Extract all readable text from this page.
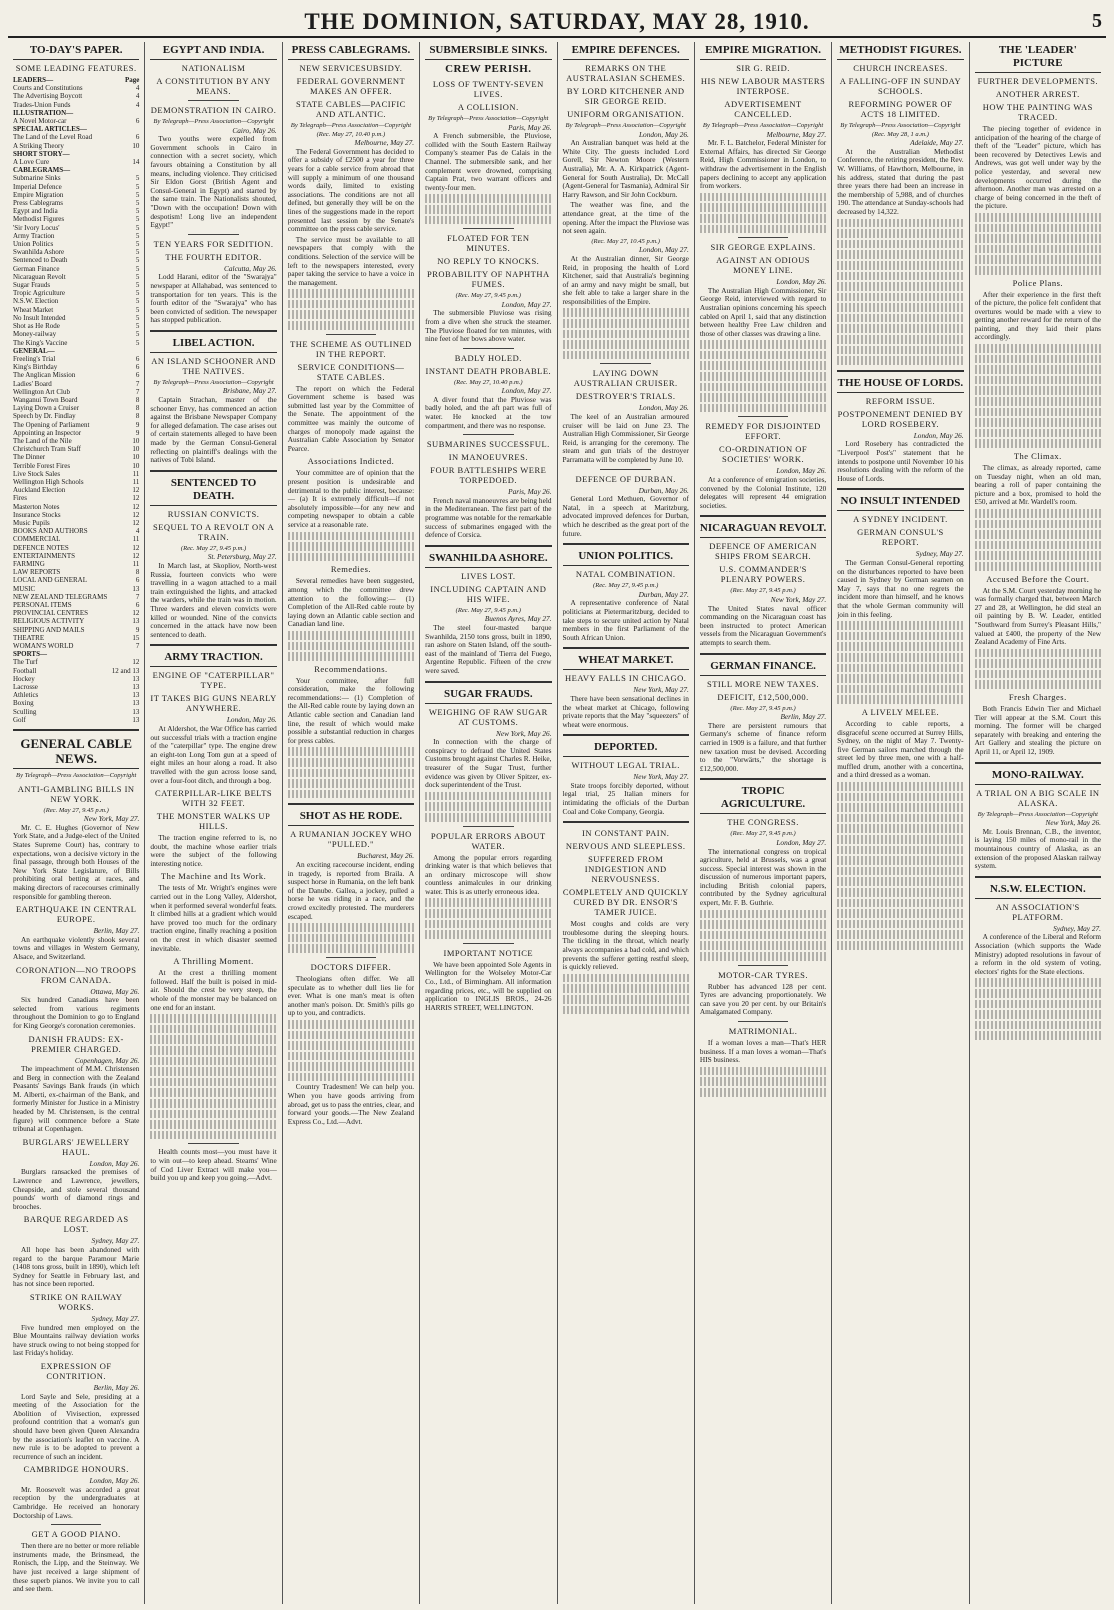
THE DOMINION, SATURDAY, MAY 28, 1910.	5
TO-DAY'S PAPER.
SOME LEADING FEATURES.
LEADERS—	Page
Courts and Constitutions	4
The Advertising Boycott	4
Trades-Union Funds	4
ILLUSTRATION—
A Novel Motor-car	6
SPECIAL ARTICLES—
The Land of the Level Road	6
A Striking Theory	10
SHORT STORY—
A Love Cure	14
CABLEGRAMS—
Submarine Sinks	5
Imperial Defence	5
Empire Migration	5
Press Cablegrams	5
Egypt and India	5
Methodist Figures	5
'Sir Ivory Locus'	5
Army Traction	5
Union Politics	5
Swanhilda Ashore	5
Sentenced to Death	5
German Finance	5
Nicaraguan Revolt	5
Sugar Frauds	5
Tropic Agriculture	5
N.S.W. Election	5
Wheat Market	5
No Insult Intended	5
Shot as He Rode	5
Money-railway	5
The King's Vaccine	5
GENERAL—
Freeling's Trial	6
King's Birthday	6
The Anglican Mission	6
Ladies' Board	7
Wellington Art Club	7
Wanganui Town Board	8
Laying Down a Cruiser	8
Speech by Dr. Findlay	8
The Opening of Parliament	9
Appointing an Inspector	9
The Land of the Nile	10
Christchurch Tram Staff	10
The Dinner	10
Terrible Forest Fires	10
Live Stock Sales	11
Wellington High Schools	11
Auckland Election	12
Fires	12
Masterton Notes	12
Insurance Stocks	12
Music Pupils	12
BOOKS AND AUTHORS	4
COMMERCIAL	11
DEFENCE NOTES	12
ENTERTAINMENTS	12
FARMING	11
LAW REPORTS	8
LOCAL AND GENERAL	6
MUSIC	13
NEW ZEALAND TELEGRAMS	7
PERSONAL ITEMS	6
PROVINCIAL CENTRES	12
RELIGIOUS ACTIVITY	13
SHIPPING AND MAILS	9
THEATRE	15
WOMAN'S WORLD	7
SPORTS—
The Turf	12
Football	12 and 13
Hockey	13
Lacrosse	13
Athletics	13
Boxing	13
Sculling	13
Golf	13
GENERAL CABLE NEWS.
By Telegraph—Press Association—Copyright
ANTI-GAMBLING BILLS IN NEW YORK.
(Rec. May 27, 9.45 p.m.)
New York, May 27.

Mr. C. E. Hughes (Governor of New York State, and a Judge-elect of the United States Supreme Court) has, contrary to expectations, won a decisive victory in the final passage, through both Houses of the New York State Legislature, of Bills prohibiting oral betting at races, and making directors of racecourses criminally responsible for gambling thereon.

EARTHQUAKE IN CENTRAL EUROPE.
Berlin, May 27.

An earthquake violently shook several towns and villages in Western Germany, Alsace, and Switzerland.

CORONATION—NO TROOPS FROM CANADA.
Ottawa, May 26.

Six hundred Canadians have been selected from various regiments throughout the Dominion to go to England for King George's coronation ceremonies.

DANISH FRAUDS: EX-PREMIER CHARGED.
Copenhagen, May 26.

The impeachment of M.M. Christensen and Berg in connection with the Zealand Peasants' Savings Bank frauds (in which M. Alberti, ex-chairman of the Bank, and formerly Minister for Justice in a Ministry headed by M. Christensen, is the central figure) will commence before a State tribunal at Copenhagen.

BURGLARS' JEWELLERY HAUL.
London, May 26.

Burglars ransacked the premises of Lawrence and Lawrence, jewellers, Cheapside, and stole several thousand pounds' worth of diamond rings and brooches.

BARQUE REGARDED AS LOST.
Sydney, May 27.

All hope has been abandoned with regard to the barque Paramour Marie (1408 tons gross, built in 1890), which left Sydney for Seattle in February last, and has not since been reported.

STRIKE ON RAILWAY WORKS.
Sydney, May 27.

Five hundred men employed on the Blue Mountains railway deviation works have struck owing to not being stopped for last Friday's holiday.

EXPRESSION OF CONTRITION.
Berlin, May 26.

Lord Sayle and Sele, presiding at a meeting of the Association for the Abolition of Vivisection, expressed profound contrition that a woman's gun should have been given Queen Alexandra by the association's leaflet on vaccine. A new rule is to be adopted to prevent a recurrence of such an incident.

CAMBRIDGE HONOURS.
London, May 26.

Mr. Roosevelt was accorded a great reception by the undergraduates at Cambridge. He received an honorary Doctorship of Laws.

GET A GOOD PIANO.

Then there are no better or more reliable instruments made, the Brinsmead, the Ronisch, the Lipp, and the Steinway. We have just received a large shipment of these superb pianos. We invite you to call and see them.

EGYPT AND INDIA.
NATIONALISM
A CONSTITUTION BY ANY MEANS.
DEMONSTRATION IN CAIRO.
By Telegraph—Press Association—Copyright
Cairo, May 26.

Two youths were expelled from Government schools in Cairo in connection with a secret society, which favours obtaining a Constitution by all means, including violence. They criticised Sir Eldon Gorst (British Agent and Consul-General in Egypt) and started by the same train. The Nationalists shouted, "Down with the occupation! Down with despotism! Long live an independent Egypt!"

TEN YEARS FOR SEDITION.
THE FOURTH EDITOR.
Calcutta, May 26.

Lodd Harani, editor of the "Swarajya" newspaper at Allahabad, was sentenced to transportation for ten years. This is the fourth editor of the "Swarajya" who has been convicted of sedition. The newspaper has stopped publication.

LIBEL ACTION.
AN ISLAND SCHOONER AND THE NATIVES.
By Telegraph—Press Association—Copyright
Brisbane, May 27.

Captain Strachan, master of the schooner Envy, has commenced an action against the Brisbane Newspaper Company for alleged defamation. The case arises out of certain statements alleged to have been made by the German Consul-General reflecting on plaintiff's dealings with the natives of Tobi Island.

SENTENCED TO DEATH.
RUSSIAN CONVICTS.
SEQUEL TO A REVOLT ON A TRAIN.
(Rec. May 27, 9.45 p.m.)
St. Petersburg, May 27.

In March last, at Skopliov, North-west Russia, fourteen convicts who were travelling in a wagon attached to a mail train extinguished the lights, and attacked the warders, while the train was in motion. Three warders and eleven convicts were killed or wounded. Nine of the convicts concerned in the attack have now been sentenced to death.

ARMY TRACTION.
ENGINE OF "CATERPILLAR" TYPE.
IT TAKES BIG GUNS NEARLY ANYWHERE.
London, May 26.

At Aldershot, the War Office has carried out successful trials with a traction engine of the "caterpillar" type. The engine drew an eight-ton Long Tom gun at a speed of eight miles an hour along a road. It also travelled with the gun across loose sand, over a four-foot ditch, and through a bog.

CATERPILLAR-LIKE BELTS WITH 32 FEET.
THE MONSTER WALKS UP HILLS.

The traction engine referred to is, no doubt, the machine whose earlier trials were the subject of the following interesting notice.

The Machine and Its Work.

The tests of Mr. Wright's engines were carried out in the Long Valley, Aldershot, when it performed several wonderful feats. It climbed hills at a gradient which would have proved too much for the ordinary traction engine, finally reaching a position on the crest in which disaster seemed inevitable.

A Thrilling Moment.

At the crest a thrilling moment followed. Half the built is poised in mid-air. Should the crest be very steep, the whole of the monster may be balanced on one end for an instant.

Health counts most—you must have it to win out—to keep ahead. Stearns' Wine of Cod Liver Extract will make you—build you up and keep you going.—Advt.

PRESS CABLEGRAMS.
NEW SERVICESUBSIDY.
FEDERAL GOVERNMENT MAKES AN OFFER.
STATE CABLES—PACIFIC AND ATLANTIC.
By Telegraph—Press Association—Copyright
(Rec. May 27, 10.40 p.m.)
Melbourne, May 27.

The Federal Government has decided to offer a subsidy of £2500 a year for three years for a cable service from abroad that will supply a minimum of one thousand words daily, limited to existing associations. The conditions are not all defined, but generally they will be on the lines of the suggestions made in the report presented last session by the Senate's committee on the press cable service.

The service must be available to all newspapers that comply with the conditions. Selection of the service will be left to the newspapers interested, every paper taking the service to have a voice in the management.

THE SCHEME AS OUTLINED IN THE REPORT.
SERVICE CONDITIONS—STATE CABLES.

The report on which the Federal Government scheme is based was submitted last year by the Committee of the Senate. The appointment of the committee was mainly the outcome of charges of monopoly made against the Australian Cable Association by Senator Pearce.

Associations Indicted.

Your committee are of opinion that the present position is undesirable and detrimental to the public interest, because:— (a) It is extremely difficult—if not absolutely impossible—for any new and competing newspaper to obtain a cable service at a reasonable rate.

Remedies.

Several remedies have been suggested, among which the committee drew attention to the following:— (1) Completion of the All-Red cable route by laying down an Atlantic cable section and Canadian land line.

Recommendations.

Your committee, after full consideration, make the following recommendations:— (1) Completion of the All-Red cable route by laying down an Atlantic cable section and Canadian land line, the result of which would make possible a substantial reduction in charges for press cables.

SHOT AS HE RODE.
A RUMANIAN JOCKEY WHO "PULLED."
Bucharest, May 26.

An exciting racecourse incident, ending in tragedy, is reported from Braila. A suspect horse in Rumania, on the left bank of the Danube. Gallea, a jockey, pulled a horse he was riding in a race, and the crowd excitedly protested. The murderers escaped.

DOCTORS DIFFER.

Theologians often differ. We all speculate as to whether dull lies lie for ever. What is one man's meat is often another man's poison. Dr. Smith's pills go up to you, and contradicts.

Country Tradesmen! We can help you. When you have goods arriving from abroad, get us to pass the entries, clear, and forward your goods.—The New Zealand Express Co., Ltd.—Advt.

SUBMERSIBLE SINKS.
CREW PERISH.
LOSS OF TWENTY-SEVEN LIVES.
A COLLISION.
By Telegraph—Press Association—Copyright
Paris, May 26.

A French submersible, the Pluviose, collided with the South Eastern Railway Company's steamer Pas de Calais in the Channel. The submersible sank, and her complement were drowned, comprising Captain Prat, two warrant officers and twenty-four men.

FLOATED FOR TEN MINUTES.
NO REPLY TO KNOCKS.
PROBABILITY OF NAPHTHA FUMES.
(Rec. May 27, 9.45 p.m.)
London, May 27.

The submersible Pluviose was rising from a dive when she struck the steamer. The Pluviose floated for ten minutes, with nine feet of her bows above water.

BADLY HOLED.
INSTANT DEATH PROBABLE.
(Rec. May 27, 10.40 p.m.)
London, May 27.

A diver found that the Pluviose was badly holed, and the aft part was full of water. He knocked at the tow compartment, and there was no response.

SUBMARINES SUCCESSFUL.
IN MANOEUVRES.
FOUR BATTLESHIPS WERE TORPEDOED.
Paris, May 26.

French naval manoeuvres are being held in the Mediterranean. The first part of the programme was notable for the remarkable success of submarines engaged with the defence of Corsica.

SWANHILDA ASHORE.
LIVES LOST.
INCLUDING CAPTAIN AND HIS WIFE.
(Rec. May 27, 9.45 p.m.)
Buenos Ayres, May 27.

The steel four-masted barque Swanhilda, 2150 tons gross, built in 1890, ran ashore on Staten Island, off the south-east of the mainland of Tierra del Fuego, Argentine Republic. Fifteen of the crew were saved.

SUGAR FRAUDS.
WEIGHING OF RAW SUGAR AT CUSTOMS.
New York, May 26.

In connection with the charge of conspiracy to defraud the United States Customs brought against Charles R. Heike, treasurer of the Sugar Trust, further evidence was given by Oliver Spitzer, ex-dock superintendent of the Trust.

POPULAR ERRORS ABOUT WATER.

Among the popular errors regarding drinking water is that which believes that an ordinary microscope will show countless animalcules in our drinking water. This is as utterly erroneous idea.

IMPORTANT NOTICE

We have been appointed Sole Agents in Wellington for the Wolseley Motor-Car Co., Ltd., of Birmingham. All information regarding prices, etc., will be supplied on application to INGLIS BROS., 24-26 HARRIS STREET, WELLINGTON.

EMPIRE DEFENCES.
REMARKS ON THE AUSTRALASIAN SCHEMES.
BY LORD KITCHENER AND SIR GEORGE REID.
UNIFORM ORGANISATION.
By Telegraph—Press Association—Copyright
London, May 26.

An Australian banquet was held at the White City. The guests included Lord Gorell, Sir Newton Moore (Western Australia), Mr. A. A. Kirkpatrick (Agent-General for South Australia), Dr. McCall (Agent-General for Tasmania), Admiral Sir Harry Rawson, and Sir John Cockburn.

The weather was fine, and the attendance great, at the time of the opening. After the impact the Pluviose was not seen again.

(Rec. May 27, 10.45 p.m.)
London, May 27.

At the Australian dinner, Sir George Reid, in proposing the health of Lord Kitchener, said that Australia's beginning of an army and navy might be small, but she felt able to take a larger share in the responsibilities of the Empire.

LAYING DOWN AUSTRALIAN CRUISER.
DESTROYER'S TRIALS.
London, May 26.

The keel of an Australian armoured cruiser will be laid on June 23. The Australian High Commissioner, Sir George Reid, is arranging for the ceremony. The steam and gun trials of the destroyer Parramatta will be completed by June 10.

DEFENCE OF DURBAN.
Durban, May 26.

General Lord Methuen, Governor of Natal, in a speech at Maritzburg, advocated improved defences for Durban, which he described as the great port of the future.

UNION POLITICS.
NATAL COMBINATION.
(Rec. May 27, 9.45 p.m.)
Durban, May 27.

A representative conference of Natal politicians at Pietermaritzburg, decided to take steps to secure united action by Natal members in the first Parliament of the South African Union.

WHEAT MARKET.
HEAVY FALLS IN CHICAGO.
New York, May 27.

There have been sensational declines in the wheat market at Chicago, following private reports that the May "squeezers" of wheat were enormous.

DEPORTED.
WITHOUT LEGAL TRIAL.
New York, May 27.

State troops forcibly deported, without legal trial, 25 Italian miners for intimidating the officials of the Durban Coal and Coke Company, Georgia.

IN CONSTANT PAIN.
NERVOUS AND SLEEPLESS.
SUFFERED FROM INDIGESTION AND NERVOUSNESS.
COMPLETELY AND QUICKLY CURED BY DR. ENSOR'S TAMER JUICE.

Most coughs and colds are very troublesome during the sleeping hours. The tickling in the throat, which nearly always accompanies a bad cold, and which prevents the sufferer getting restful sleep, is quickly relieved.

EMPIRE MIGRATION.
SIR G. REID.
HIS NEW LABOUR MASTERS INTERPOSE.
ADVERTISEMENT CANCELLED.
By Telegraph—Press Association—Copyright
Melbourne, May 27.

Mr. F. L. Batchelor, Federal Minister for External Affairs, has directed Sir George Reid, High Commissioner in London, to withdraw the advertisement in the English papers declining to accept any application from workers.

SIR GEORGE EXPLAINS.
AGAINST AN ODIOUS MONEY LINE.
London, May 26.

The Australian High Commissioner, Sir George Reid, interviewed with regard to Australian opinions concerning his speech cabled on April 1, said that any distinction between healthy Free Law children and those of other classes was drawing a line.

REMEDY FOR DISJOINTED EFFORT.
CO-ORDINATION OF SOCIETIES' WORK.
London, May 26.

At a conference of emigration societies, convened by the Colonial Institute, 120 delegates will represent 44 emigration societies.

NICARAGUAN REVOLT.
DEFENCE OF AMERICAN SHIPS FROM SEARCH.
U.S. COMMANDER'S PLENARY POWERS.
(Rec. May 27, 9.45 p.m.)
New York, May 27.

The United States naval officer commanding on the Nicaraguan coast has been instructed to protect American vessels from the Nicaraguan Government's attempts to search them.

GERMAN FINANCE.
STILL MORE NEW TAXES.
DEFICIT, £12,500,000.
(Rec. May 27, 9.45 p.m.)
Berlin, May 27.

There are persistent rumours that Germany's scheme of finance reform carried in 1909 is a failure, and that further new taxation must be devised. According to the "Vorwärts," the shortage is £12,500,000.

TROPIC AGRICULTURE.
THE CONGRESS.
(Rec. May 27, 9.45 p.m.)
London, May 27.

The international congress on tropical agriculture, held at Brussels, was a great success. Special interest was shown in the discussion of numerous important papers, including British colonial papers, contributed by the Sydney agricultural expert, Mr. F. B. Guthrie.

MOTOR-CAR TYRES.

Rubber has advanced 128 per cent. Tyres are advancing proportionately. We can save you 20 per cent. by our Britain's Amalgamated Company.

MATRIMONIAL.

If a woman loves a man—That's HER business. If a man loves a woman—That's HIS business.

METHODIST FIGURES.
CHURCH INCREASES.
A FALLING-OFF IN SUNDAY SCHOOLS.
REFORMING POWER OF ACTS 18 LIMITED.
By Telegraph—Press Association—Copyright
(Rec. May 28, 1 a.m.)
Adelaide, May 27.

At the Australian Methodist Conference, the retiring president, the Rev. W. Williams, of Hawthorn, Melbourne, in his address, stated that during the past three years there had been an increase in the membership of 5,988, and of churches 190. The attendance at Sunday-schools had decreased by 14,322.

THE HOUSE OF LORDS.
REFORM ISSUE.
POSTPONEMENT DENIED BY LORD ROSEBERY.
London, May 26.

Lord Rosebery has contradicted the "Liverpool Post's" statement that he intends to postpone until November 10 his resolutions dealing with the reform of the House of Lords.

NO INSULT INTENDED
A SYDNEY INCIDENT.
GERMAN CONSUL'S REPORT.
Sydney, May 27.

The German Consul-General reporting on the disturbances reported to have been caused in Sydney by German seamen on May 7, says that no one regrets the incident more than himself, and he knows that the whole German community will join in this feeling.

A LIVELY MELEE.

According to cable reports, a disgraceful scene occurred at Surrey Hills, Sydney, on the night of May 7. Twenty-five German sailors marched through the street led by three men, one with a half-muffled drum, another with a concertina, and a third dressed as a woman.

THE 'LEADER' PICTURE
FURTHER DEVELOPMENTS.
ANOTHER ARREST.
HOW THE PAINTING WAS TRACED.

The piecing together of evidence in anticipation of the hearing of the charge of theft of the "Leader" picture, which has been recovered by Detectives Lewis and Andrews, was got well under way by the police yesterday, and several new developments occurred during the afternoon. Another man was arrested on a charge of being concerned in the theft of the picture.

Police Plans.

After their experience in the first theft of the picture, the police felt confident that overtures would be made with a view to getting another reward for the return of the painting, and they laid their plans accordingly.

The Climax.

The climax, as already reported, came on Tuesday night, when an old man, bearing a roll of paper containing the picture and a box, promised to hold the £50, arrived at Mr. Wardell's room.

Accused Before the Court.

At the S.M. Court yesterday morning he was formally charged that, between March 27 and 28, at Wellington, he did steal an oil painting by B. W. Leader, entitled "Southward from Surrey's Pleasant Hills," valued at £400, the property of the New Zealand Academy of Fine Arts.

Fresh Charges.

Both Francis Edwin Tier and Michael Tier will appear at the S.M. Court this morning. The former will be charged separately with breaking and entering the Art Gallery and stealing the picture on April 11, or April 12, 1909.

MONO-RAILWAY.
A TRIAL ON A BIG SCALE IN ALASKA.
By Telegraph—Press Association—Copyright
New York, May 26.

Mr. Louis Brennan, C.B., the inventor, is laying 150 miles of mono-rail in the mountainous country of Alaska, as an extension of the proposed Alaskan railway system.

N.S.W. ELECTION.
AN ASSOCIATION'S PLATFORM.
Sydney, May 27.

A conference of the Liberal and Reform Association (which supports the Wade Ministry) adopted resolutions in favour of a reform in the old system of voting, electors' rights for the State elections.
